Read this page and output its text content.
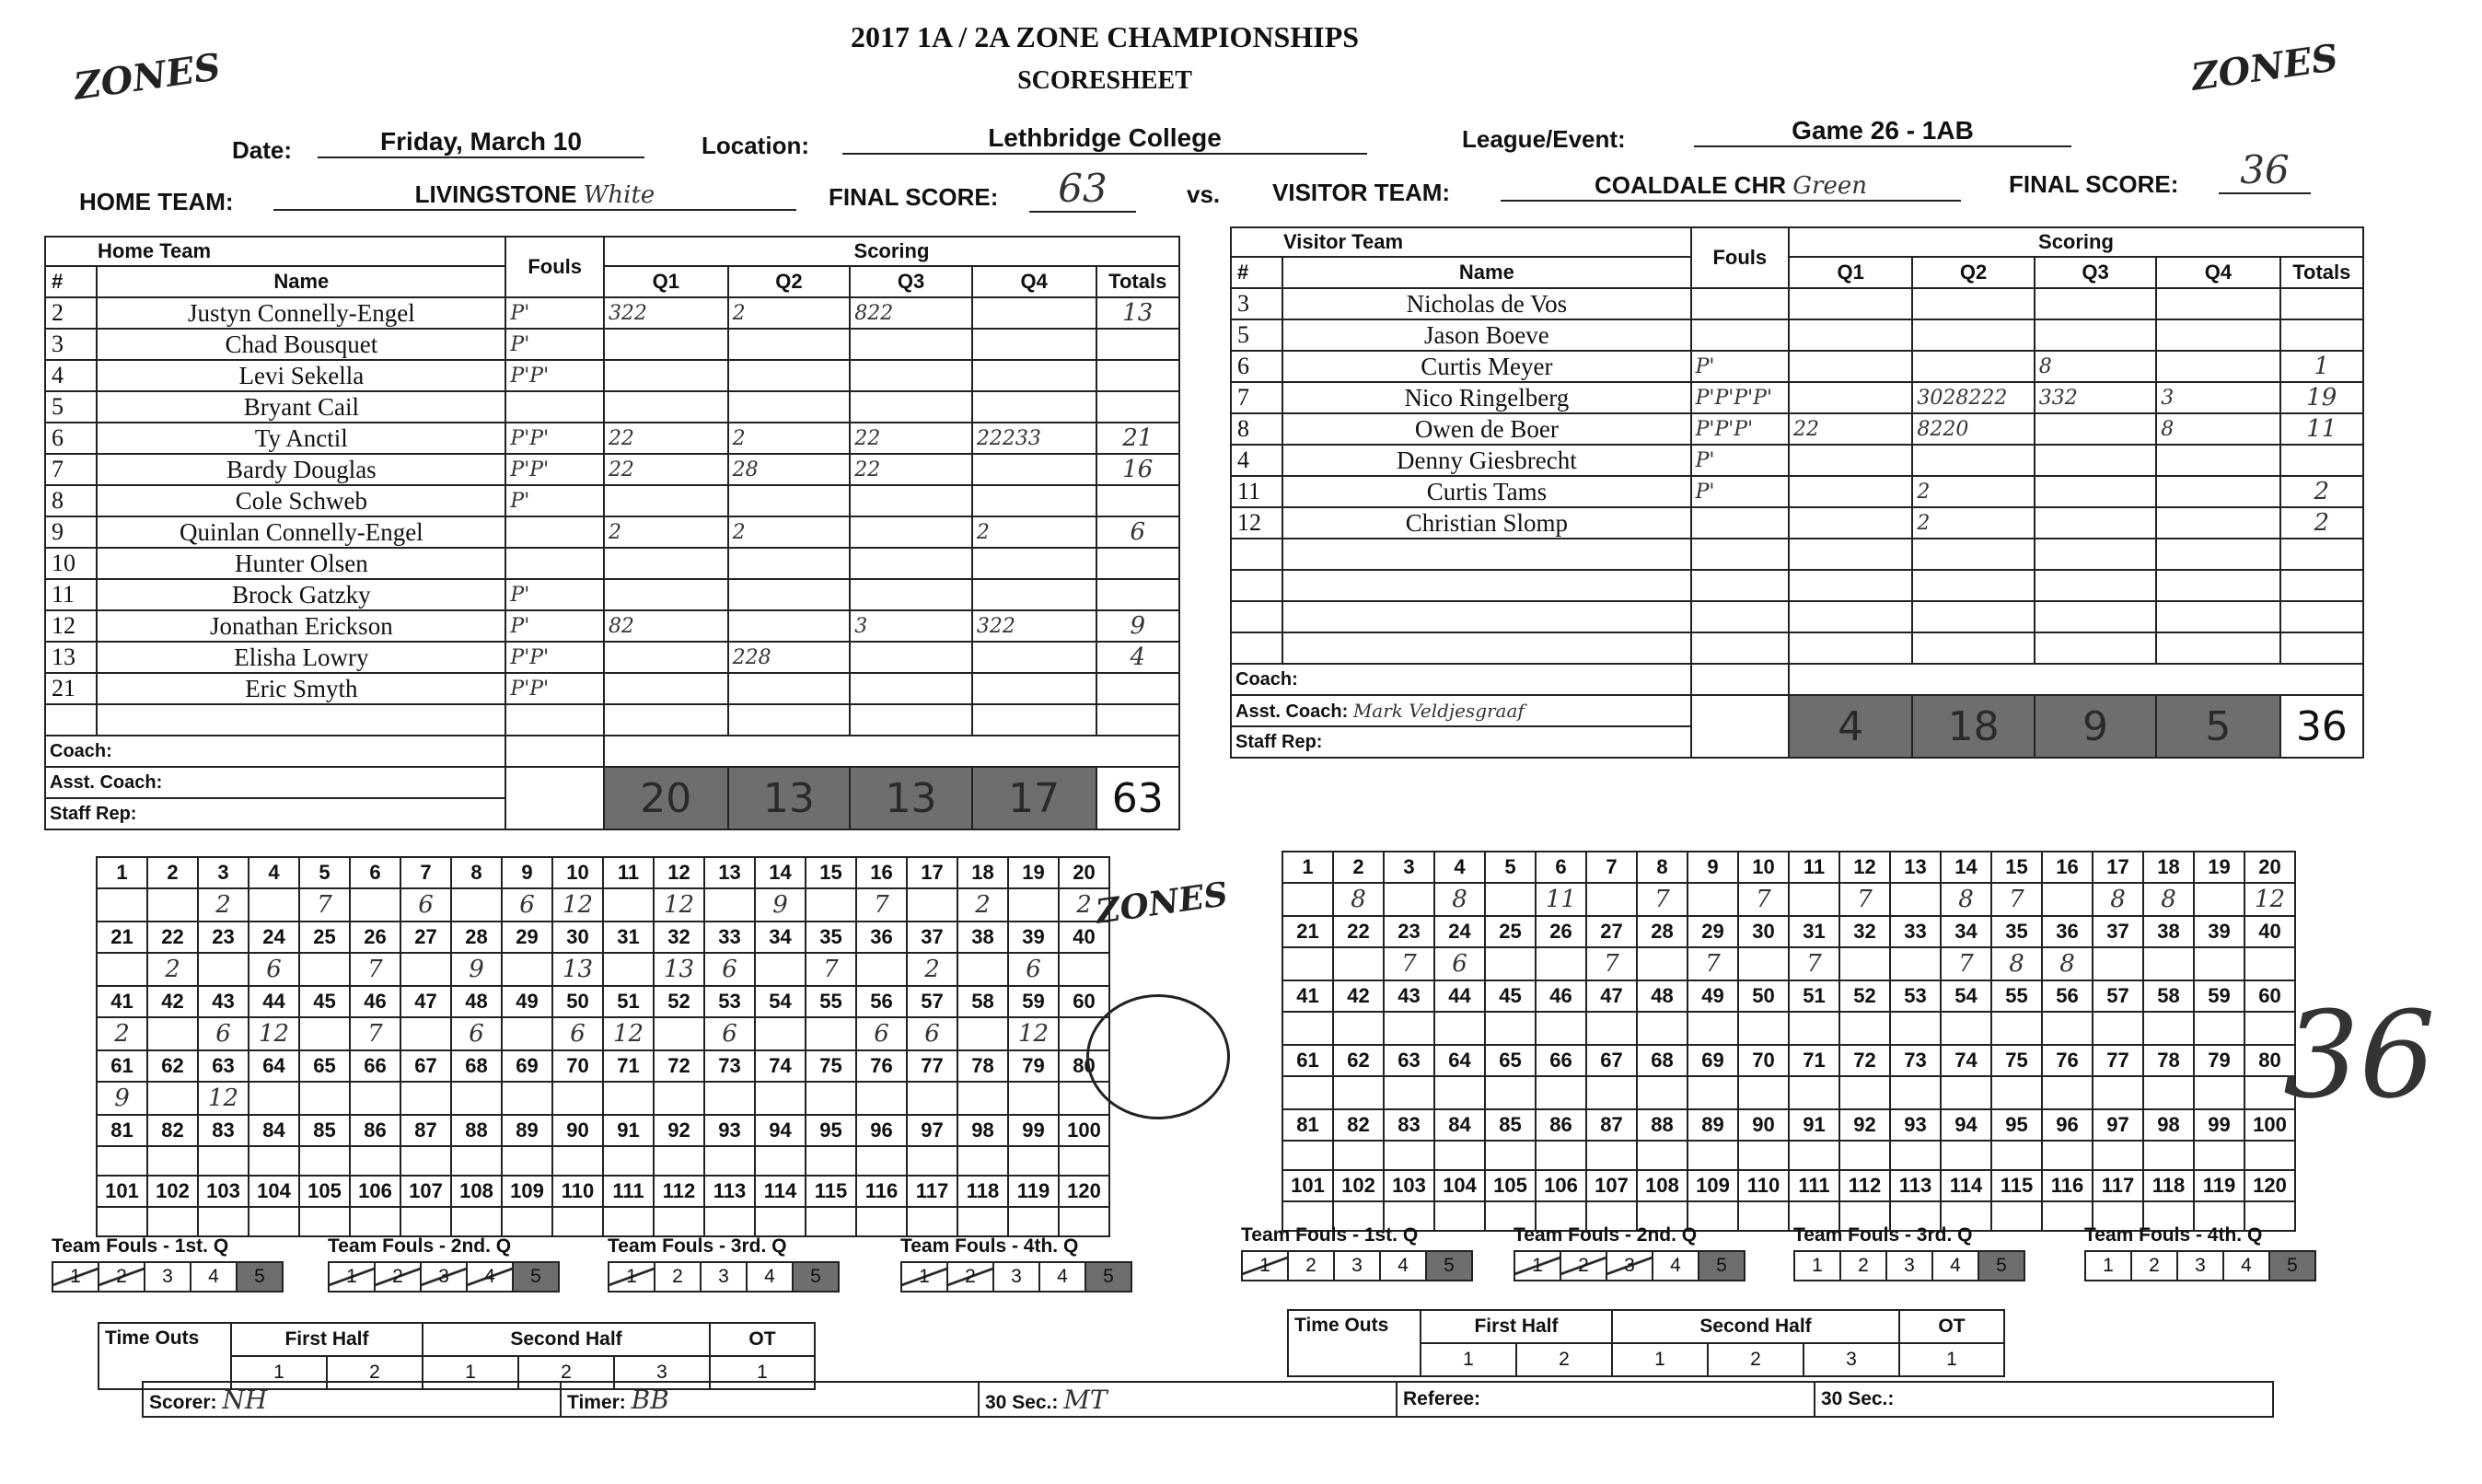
2017 1A / 2A ZONE CHAMPIONSHIPS
SCORESHEET
ZONES	ZONES
Date:	Friday, March 10	Location:	Lethbridge College	League/Event:	Game 26 - 1AB
HOME TEAM:	LIVINGSTONE White	FINAL SCORE:	63	vs. VISITOR TEAM:	COALDALE CHR Green	FINAL SCORE:	36
Home Team		Fouls	Scoring				
#	Name		Q1	Q2	Q3	Q4	Totals
2	Justyn Connelly-Engel	P'	322	2	822		13
3	Chad Bousquet	P'					
4	Levi Sekella	P'P'					
5	Bryant Cail						
6	Ty Anctil	P'P'	22	2	22	22233	21
7	Bardy Douglas	P'P'	22	28	22		16
8	Cole Schweb	P'					
9	Quinlan Connelly-Engel		2	2		2	6
10	Hunter Olsen						
11	Brock Gatzky	P'					
12	Jonathan Erickson	P'	82		3	322	9
13	Elisha Lowry	P'P'		228			4
21	Eric Smyth	P'P'					

Coach:							
Asst. Coach:			20	13	13	17	63
Staff Rep:							
Visitor Team		Fouls	Scoring				
#	Name		Q1	Q2	Q3	Q4	Totals
3	Nicholas de Vos						
5	Jason Boeve						
6	Curtis Meyer	P'			8		1
7	Nico Ringelberg	P'P'P'P'		3028222	332	3	19
8	Owen de Boer	P'P'P'	22	8220		8	11
4	Denny Giesbrecht	P'					
11	Curtis Tams	P'		2			2
12	Christian Slomp			2			2

Coach:							
Asst. Coach: Mark Veldjesgraaf			4	18	9	5	36
Staff Rep:							
1	2	3	4	5	6	7	8	9	10	11	12	13	14	15	16	17	18	19	20
		2		7		6		6	12		12		9		7		2		2
21	22	23	24	25	26	27	28	29	30	31	32	33	34	35	36	37	38	39	40
	2		6		7		9		13		13	6		7		2		6	
41	42	43	44	45	46	47	48	49	50	51	52	53	54	55	56	57	58	59	60
2		6	12		7		6		6	12		6			6	6		12	
61	62	63	64	65	66	67	68	69	70	71	72	73	74	75	76	77	78	79	80
9		12																	
81	82	83	84	85	86	87	88	89	90	91	92	93	94	95	96	97	98	99	100

101	102	103	104	105	106	107	108	109	110	111	112	113	114	115	116	117	118	119	120

1	2	3	4	5	6	7	8	9	10	11	12	13	14	15	16	17	18	19	20
	8		8		11		7		7		7		8	7		8	8		12
21	22	23	24	25	26	27	28	29	30	31	32	33	34	35	36	37	38	39	40
		7	6			7		7		7			7	8	8				
41	42	43	44	45	46	47	48	49	50	51	52	53	54	55	56	57	58	59	60

61	62	63	64	65	66	67	68	69	70	71	72	73	74	75	76	77	78	79	80

81	82	83	84	85	86	87	88	89	90	91	92	93	94	95	96	97	98	99	100

101	102	103	104	105	106	107	108	109	110	111	112	113	114	115	116	117	118	119	120

ZONES
36
Team Fouls - 1st. Q
1	2	3	4	5
Team Fouls - 2nd. Q
1	2	3	4	5
Team Fouls - 3rd. Q
1	2	3	4	5
Team Fouls - 4th. Q
1	2	3	4	5
Team Fouls - 1st. Q
1	2	3	4	5
Team Fouls - 2nd. Q
1	2	3	4	5
Team Fouls - 3rd. Q
1	2	3	4	5
Team Fouls - 4th. Q
1	2	3	4	5
Time Outs	First Half		Second Half			OT
	1	2	1	2	3	1
Time Outs	First Half		Second Half			OT
	1	2	1	2	3	1
Scorer: NH	Timer: BB	30 Sec.: MT	Referee:	30 Sec.:
